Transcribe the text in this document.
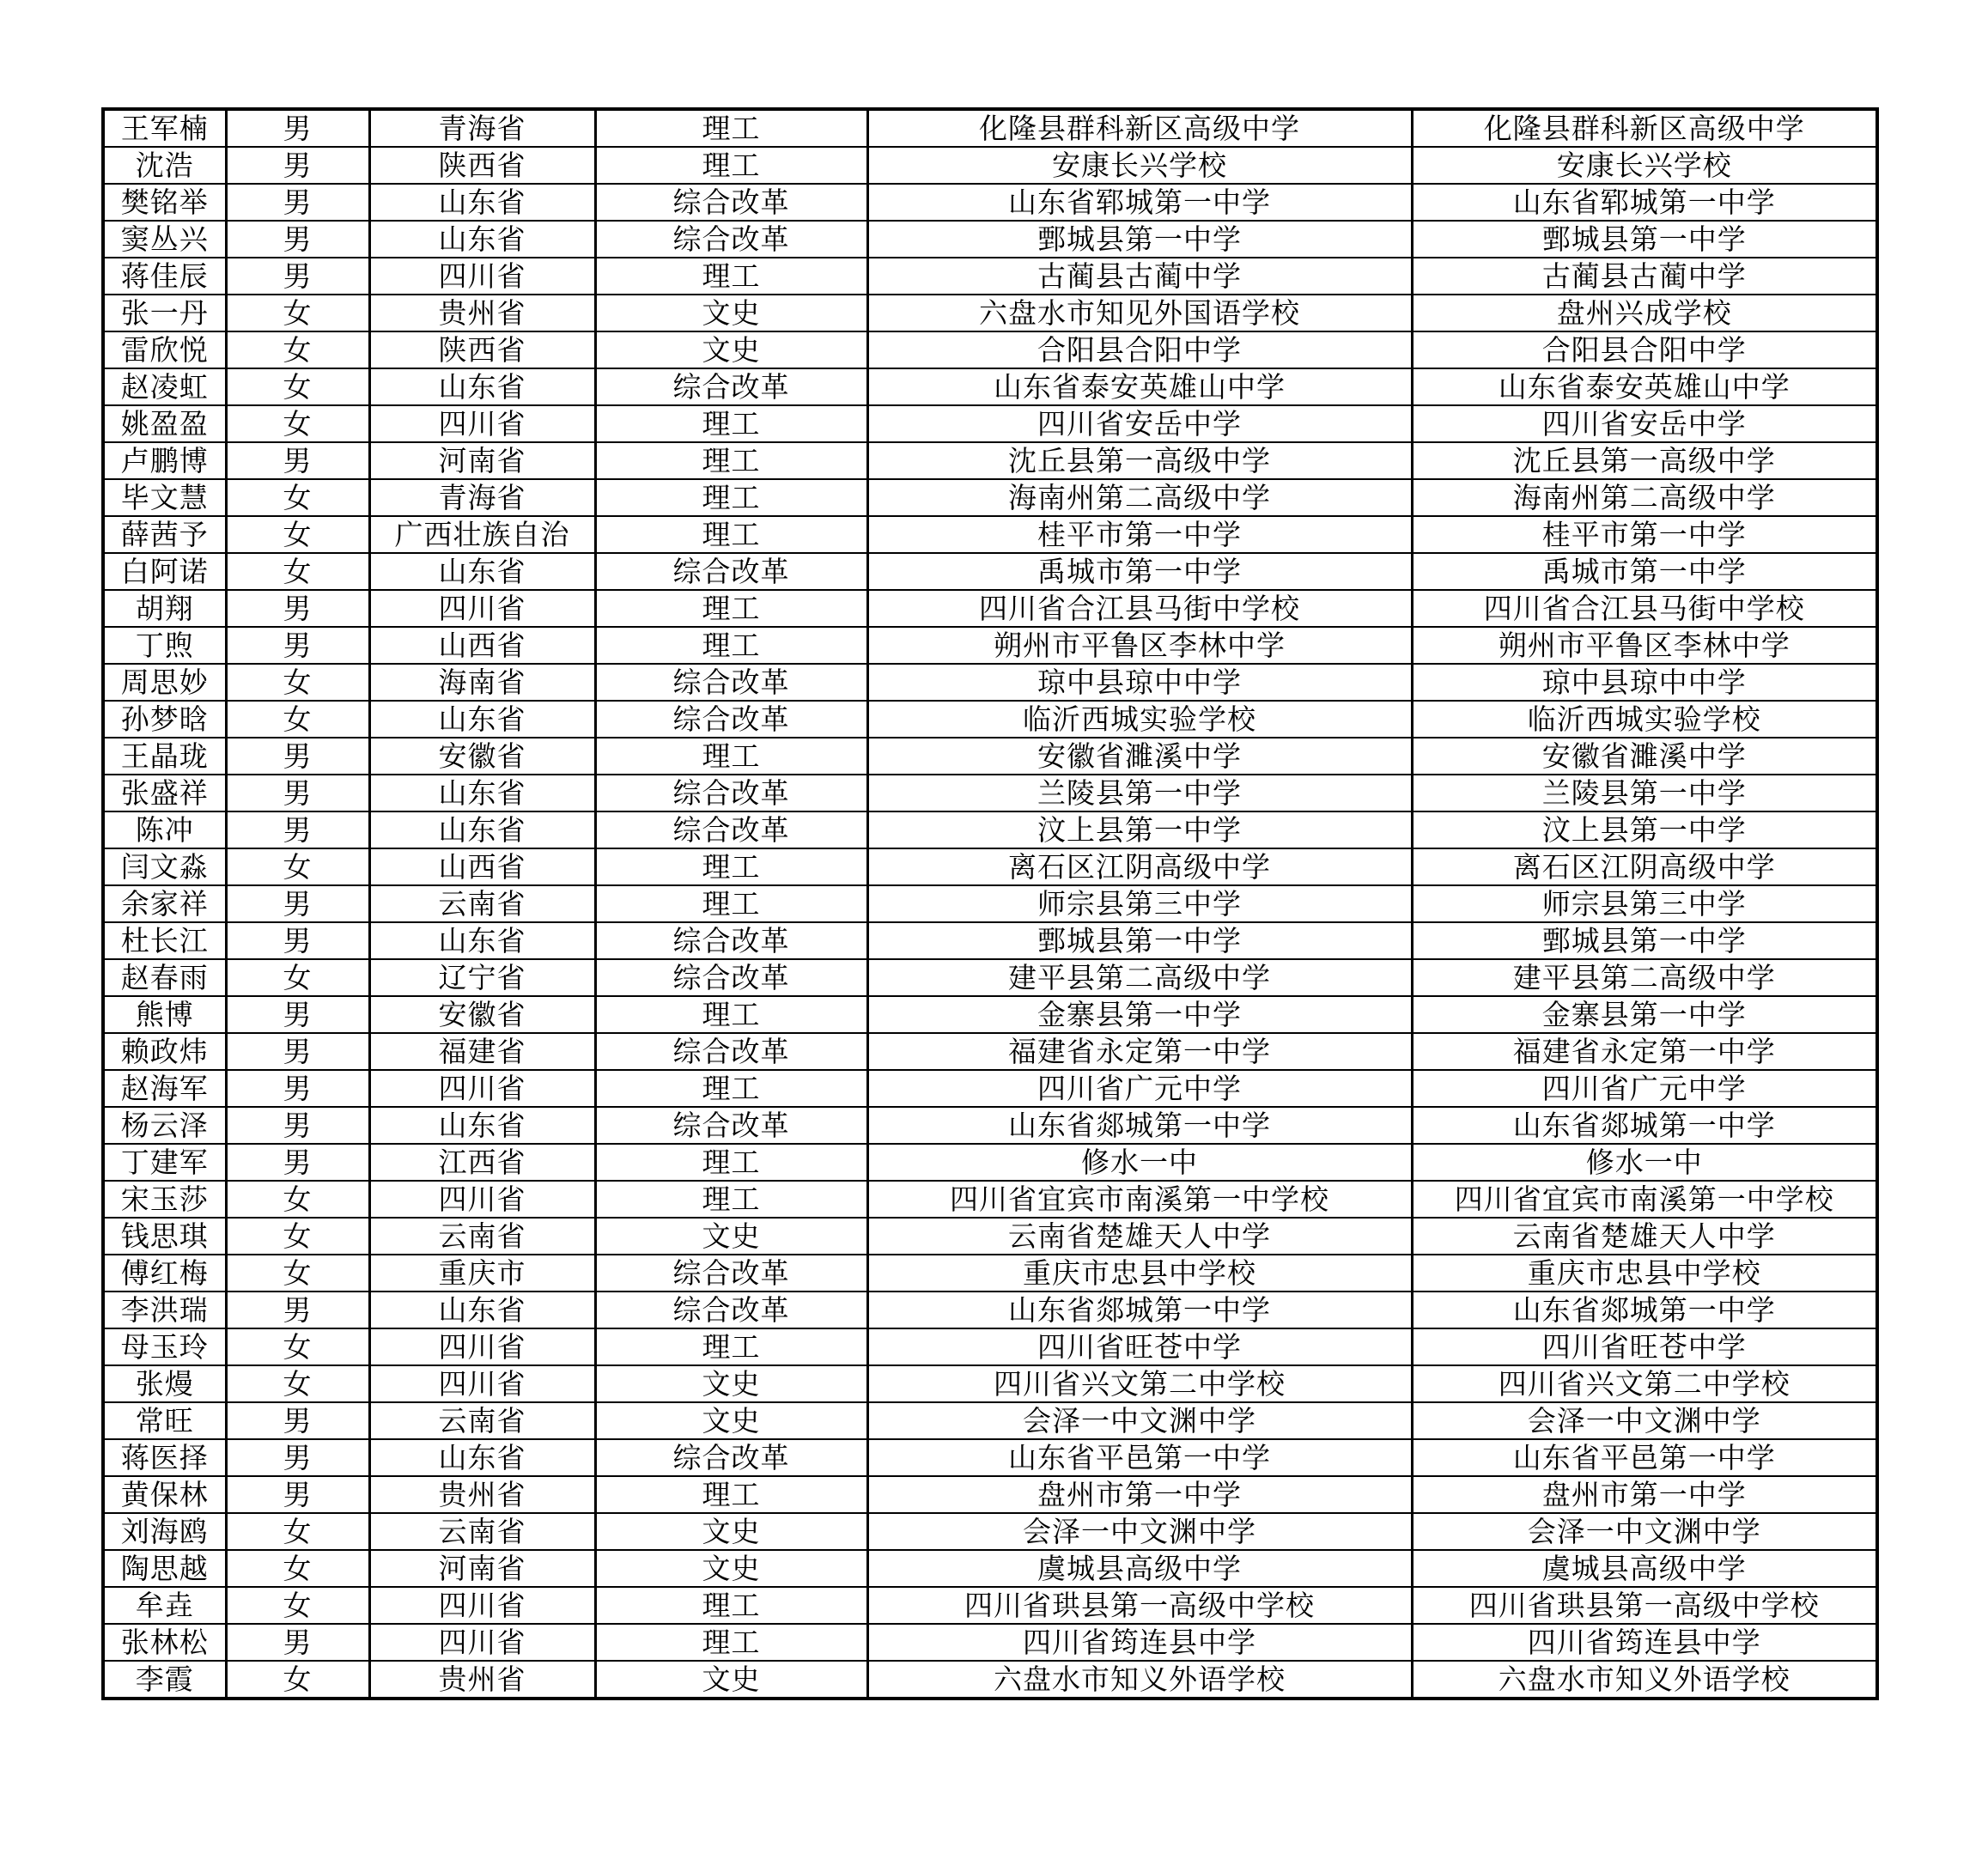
王军楠	男	青海省	理工	化隆县群科新区高级中学	化隆县群科新区高级中学
沈浩	男	陕西省	理工	安康长兴学校	安康长兴学校
樊铭举	男	山东省	综合改革	山东省郓城第一中学	山东省郓城第一中学
窦丛兴	男	山东省	综合改革	鄄城县第一中学	鄄城县第一中学
蒋佳辰	男	四川省	理工	古蔺县古蔺中学	古蔺县古蔺中学
张一丹	女	贵州省	文史	六盘水市知见外国语学校	盘州兴成学校
雷欣悦	女	陕西省	文史	合阳县合阳中学	合阳县合阳中学
赵凌虹	女	山东省	综合改革	山东省泰安英雄山中学	山东省泰安英雄山中学
姚盈盈	女	四川省	理工	四川省安岳中学	四川省安岳中学
卢鹏博	男	河南省	理工	沈丘县第一高级中学	沈丘县第一高级中学
毕文慧	女	青海省	理工	海南州第二高级中学	海南州第二高级中学
薛茜予	女	广西壮族自治	理工	桂平市第一中学	桂平市第一中学
白阿诺	女	山东省	综合改革	禹城市第一中学	禹城市第一中学
胡翔	男	四川省	理工	四川省合江县马街中学校	四川省合江县马街中学校
丁煦	男	山西省	理工	朔州市平鲁区李林中学	朔州市平鲁区李林中学
周思妙	女	海南省	综合改革	琼中县琼中中学	琼中县琼中中学
孙梦晗	女	山东省	综合改革	临沂西城实验学校	临沂西城实验学校
王晶珑	男	安徽省	理工	安徽省濉溪中学	安徽省濉溪中学
张盛祥	男	山东省	综合改革	兰陵县第一中学	兰陵县第一中学
陈冲	男	山东省	综合改革	汶上县第一中学	汶上县第一中学
闫文淼	女	山西省	理工	离石区江阴高级中学	离石区江阴高级中学
余家祥	男	云南省	理工	师宗县第三中学	师宗县第三中学
杜长江	男	山东省	综合改革	鄄城县第一中学	鄄城县第一中学
赵春雨	女	辽宁省	综合改革	建平县第二高级中学	建平县第二高级中学
熊博	男	安徽省	理工	金寨县第一中学	金寨县第一中学
赖政炜	男	福建省	综合改革	福建省永定第一中学	福建省永定第一中学
赵海军	男	四川省	理工	四川省广元中学	四川省广元中学
杨云泽	男	山东省	综合改革	山东省郯城第一中学	山东省郯城第一中学
丁建军	男	江西省	理工	修水一中	修水一中
宋玉莎	女	四川省	理工	四川省宜宾市南溪第一中学校	四川省宜宾市南溪第一中学校
钱思琪	女	云南省	文史	云南省楚雄天人中学	云南省楚雄天人中学
傅红梅	女	重庆市	综合改革	重庆市忠县中学校	重庆市忠县中学校
李洪瑞	男	山东省	综合改革	山东省郯城第一中学	山东省郯城第一中学
母玉玲	女	四川省	理工	四川省旺苍中学	四川省旺苍中学
张熳	女	四川省	文史	四川省兴文第二中学校	四川省兴文第二中学校
常旺	男	云南省	文史	会泽一中文渊中学	会泽一中文渊中学
蒋医择	男	山东省	综合改革	山东省平邑第一中学	山东省平邑第一中学
黄保林	男	贵州省	理工	盘州市第一中学	盘州市第一中学
刘海鸥	女	云南省	文史	会泽一中文渊中学	会泽一中文渊中学
陶思越	女	河南省	文史	虞城县高级中学	虞城县高级中学
牟垚	女	四川省	理工	四川省珙县第一高级中学校	四川省珙县第一高级中学校
张林松	男	四川省	理工	四川省筠连县中学	四川省筠连县中学
李霞	女	贵州省	文史	六盘水市知义外语学校	六盘水市知义外语学校
